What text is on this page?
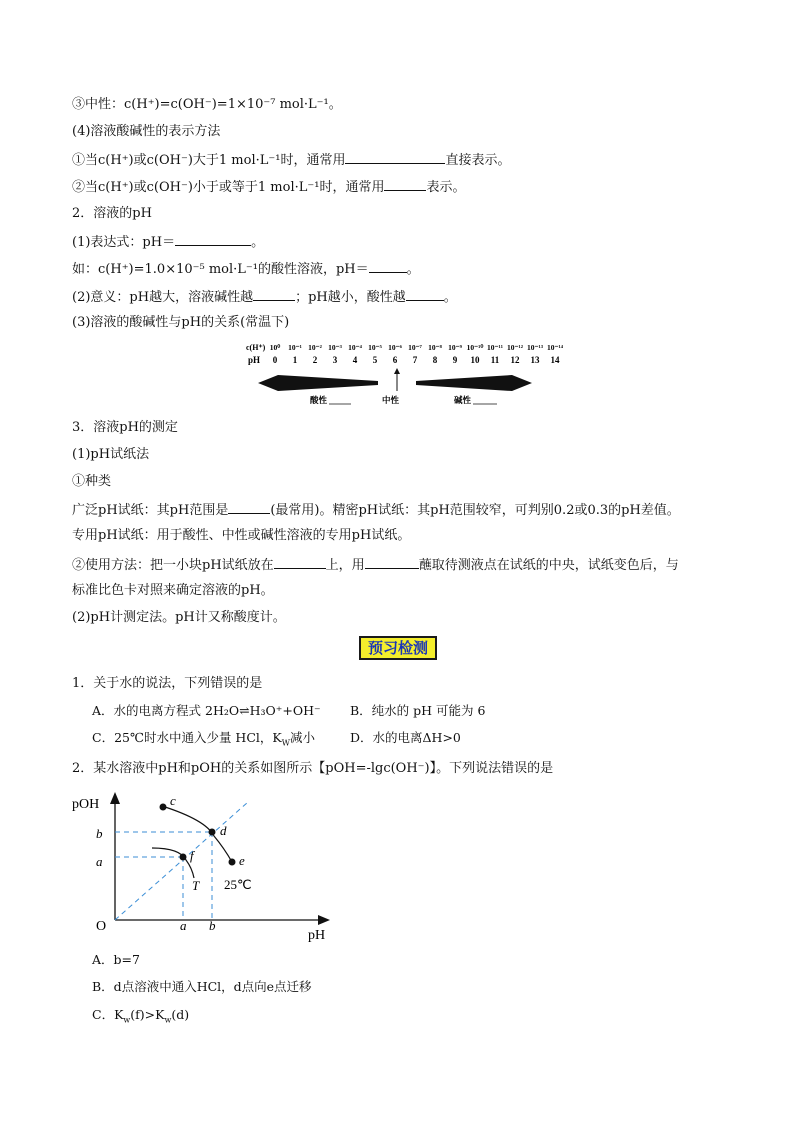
③中性：c(H⁺)=c(OH⁻)=1×10⁻⁷ mol·L⁻¹。
(4)溶液酸碱性的表示方法
①当c(H⁺)或c(OH⁻)大于1 mol·L⁻¹时，通常用	直接表示。
②当c(H⁺)或c(OH⁻)小于或等于1 mol·L⁻¹时，通常用	表示。
2．溶液的pH
(1)表达式：pH＝	。
如：c(H⁺)=1.0×10⁻⁵ mol·L⁻¹的酸性溶液，pH＝	。
(2)意义：pH越大，溶液碱性越	；pH越小，酸性越	。
(3)溶液的酸碱性与pH的关系(常温下)
c(H⁺)
pH
10⁰ 10⁻¹ 10⁻² 10⁻³ 10⁻⁴ 10⁻⁵ 10⁻⁶ 10⁻⁷ 10⁻⁸ 10⁻⁹ 10⁻¹⁰ 10⁻¹¹ 10⁻¹² 10⁻¹³ 10⁻¹⁴
0 1 2 3 4 5 6 7 8 9 10 11 12 13 14
酸性	中性	碱性
3．溶液pH的测定
(1)pH试纸法
①种类
广泛pH试纸：其pH范围是	(最常用)。精密pH试纸：其pH范围较窄，可判别0.2或0.3的pH差值。
专用pH试纸：用于酸性、中性或碱性溶液的专用pH试纸。
②使用方法：把一小块pH试纸放在	上，用	蘸取待测液点在试纸的中央，试纸变色后，与
标准比色卡对照来确定溶液的pH。
(2)pH计测定法。pH计又称酸度计。
预习检测
1．关于水的说法，下列错误的是
A．水的电离方程式 2H₂O⇌H₃O⁺+OH⁻ B．纯水的 pH 可能为 6
C．25℃时水中通入少量 HCl，$K_W$减小	D．水的电离ΔH>0
2．某水溶液中pH和pOH的关系如图所示【pOH=-lgc(OH⁻)】。下列说法错误的是
pOH
pH
O
b
a
a b
c
d
e
f
T 25℃
A．b=7
B．d点溶液中通入HCl，d点向e点迁移
C．$K_w(f)>K_w(d)$
